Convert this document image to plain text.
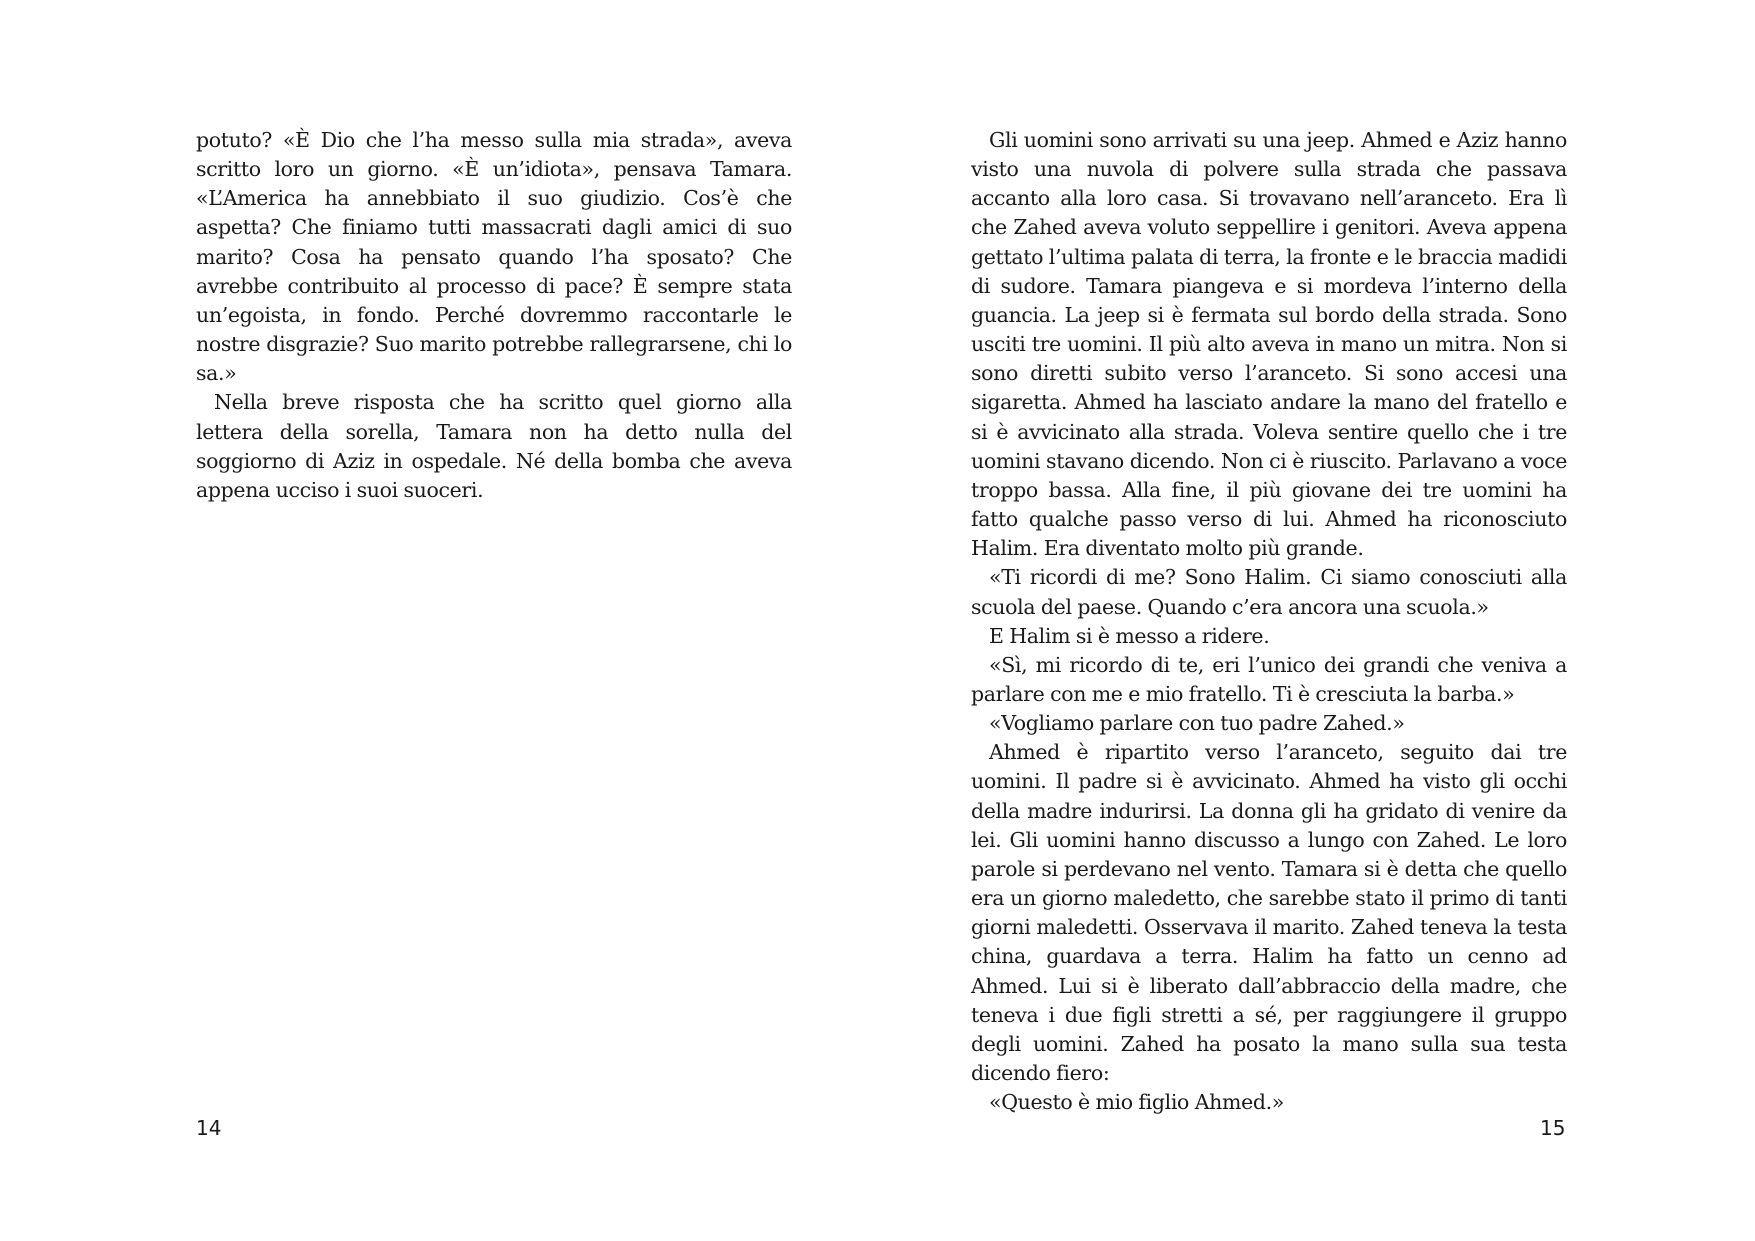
potuto? «È Dio che l’ha messo sulla mia strada», aveva scritto loro un giorno. «È un’idiota», pensava Tamara. «L’America ha annebbiato il suo giudizio. Cos’è che aspetta? Che finiamo tutti massacrati dagli amici di suo marito? Cosa ha pensato quando l’ha sposato? Che avrebbe contribuito al processo di pace? È sempre stata un’egoista, in fondo. Perché dovremmo raccontarle le nostre disgrazie? Suo marito potrebbe rallegrarsene, chi lo sa.»

Nella breve risposta che ha scritto quel giorno alla lettera della sorella, Tamara non ha detto nulla del soggiorno di Aziz in ospedale. Né della bomba che aveva appena ucciso i suoi suoceri.

14

Gli uomini sono arrivati su una jeep. Ahmed e Aziz hanno visto una nuvola di polvere sulla strada che passava accanto alla loro casa. Si trovavano nell’aranceto. Era lì che Zahed aveva voluto seppellire i genitori. Aveva appena gettato l’ultima palata di terra, la fronte e le braccia madidi di sudore. Tamara piangeva e si mordeva l’interno della guancia. La jeep si è fermata sul bordo della strada. Sono usciti tre uomini. Il più alto aveva in mano un mitra. Non si sono diretti subito verso l’aranceto. Si sono accesi una sigaretta. Ahmed ha lasciato andare la mano del fratello e si è avvicinato alla strada. Voleva sentire quello che i tre uomini stavano dicendo. Non ci è riuscito. Parlavano a voce troppo bassa. Alla fine, il più giovane dei tre uomini ha fatto qualche passo verso di lui. Ahmed ha riconosciuto Halim. Era diventato molto più grande.

«Ti ricordi di me? Sono Halim. Ci siamo conosciuti alla scuola del paese. Quando c’era ancora una scuola.»

E Halim si è messo a ridere.

«Sì, mi ricordo di te, eri l’unico dei grandi che veniva a parlare con me e mio fratello. Ti è cresciuta la barba.»

«Vogliamo parlare con tuo padre Zahed.»

Ahmed è ripartito verso l’aranceto, seguito dai tre uomini. Il padre si è avvicinato. Ahmed ha visto gli occhi della madre indurirsi. La donna gli ha gridato di venire da lei. Gli uomini hanno discusso a lungo con Zahed. Le loro parole si perdevano nel vento. Tamara si è detta che quello era un giorno maledetto, che sarebbe stato il primo di tanti giorni maledetti. Osservava il marito. Zahed teneva la testa china, guardava a terra. Halim ha fatto un cenno ad Ahmed. Lui si è liberato dall’abbraccio della madre, che teneva i due figli stretti a sé, per raggiungere il gruppo degli uomini. Zahed ha posato la mano sulla sua testa dicendo fiero:

«Questo è mio figlio Ahmed.»

15
